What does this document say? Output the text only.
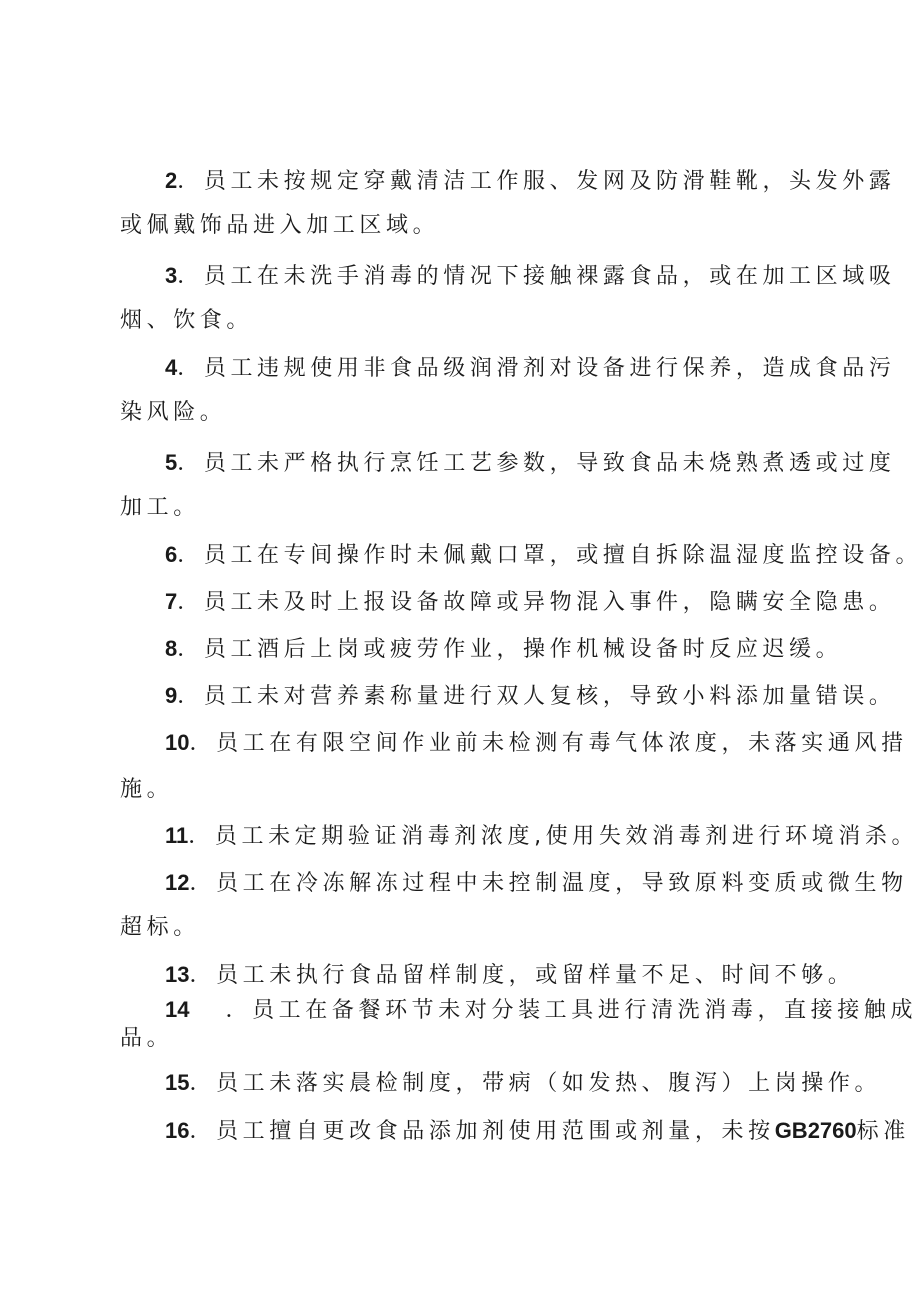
2．员工未按规定穿戴清洁工作服、发网及防滑鞋靴，头发外露
或佩戴饰品进入加工区域。
3．员工在未洗手消毒的情况下接触裸露食品，或在加工区域吸
烟、饮食。
4．员工违规使用非食品级润滑剂对设备进行保养，造成食品污
染风险。
5．员工未严格执行烹饪工艺参数，导致食品未烧熟煮透或过度
加工。
6．员工在专间操作时未佩戴口罩，或擅自拆除温湿度监控设备。
7．员工未及时上报设备故障或异物混入事件，隐瞒安全隐患。
8．员工酒后上岗或疲劳作业，操作机械设备时反应迟缓。
9．员工未对营养素称量进行双人复核，导致小料添加量错误。
10．员工在有限空间作业前未检测有毒气体浓度，未落实通风措
施。
11．员工未定期验证消毒剂浓度,使用失效消毒剂进行环境消杀。
12．员工在冷冻解冻过程中未控制温度，导致原料变质或微生物
超标。
13．员工未执行食品留样制度，或留样量不足、时间不够。
14 ．员工在备餐环节未对分装工具进行清洗消毒，直接接触成
品。
15．员工未落实晨检制度，带病（如发热、腹泻）上岗操作。
16．员工擅自更改食品添加剂使用范围或剂量，未按GB2760标准
